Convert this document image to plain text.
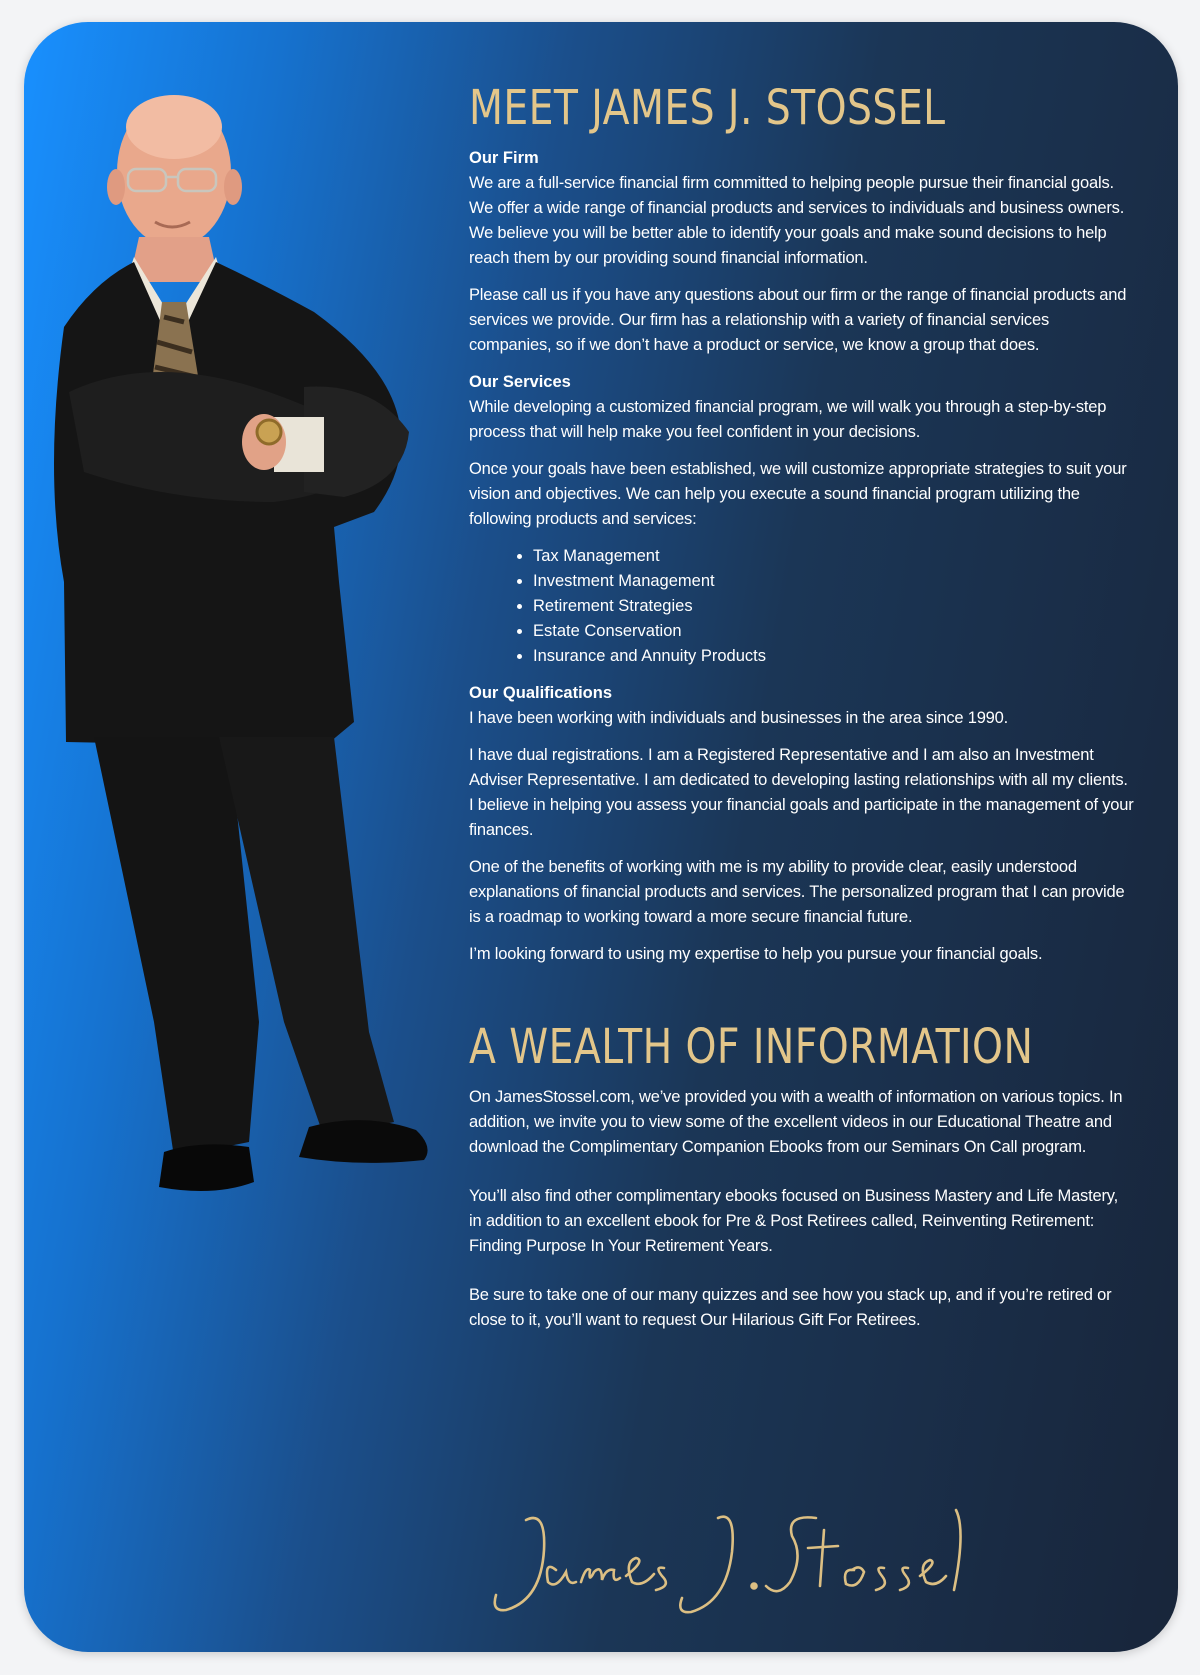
MEET JAMES J. STOSSEL
Our Firm

We are a full-service financial firm committed to helping people pursue their financial goals. We offer a wide range of financial products and services to individuals and business owners. We believe you will be better able to identify your goals and make sound decisions to help reach them by our providing sound financial information.

Please call us if you have any questions about our firm or the range of financial products and services we provide. Our firm has a relationship with a variety of financial services companies, so if we don’t have a product or service, we know a group that does.

Our Services

While developing a customized financial program, we will walk you through a step-by-step process that will help make you feel confident in your decisions.

Once your goals have been established, we will customize appropriate strategies to suit your vision and objectives. We can help you execute a sound financial program utilizing the following products and services:

• Tax Management
• Investment Management
• Retirement Strategies
• Estate Conservation
• Insurance and Annuity Products
Our Qualifications

I have been working with individuals and businesses in the area since 1990.

I have dual registrations. I am a Registered Representative and I am also an Investment Adviser Representative. I am dedicated to developing lasting relationships with all my clients. I believe in helping you assess your financial goals and participate in the management of your finances.

One of the benefits of working with me is my ability to provide clear, easily understood explanations of financial products and services. The personalized program that I can provide is a roadmap to working toward a more secure financial future.

I’m looking forward to using my expertise to help you pursue your financial goals.

A WEALTH OF INFORMATION

On JamesStossel.com, we’ve provided you with a wealth of information on various topics. In addition, we invite you to view some of the excellent videos in our Educational Theatre and download the Complimentary Companion Ebooks from our Seminars On Call program.

You’ll also find other complimentary ebooks focused on Business Mastery and Life Mastery, in addition to an excellent ebook for Pre & Post Retirees called, Reinventing Retirement: Finding Purpose In Your Retirement Years.

Be sure to take one of our many quizzes and see how you stack up, and if you’re retired or close to it, you’ll want to request Our Hilarious Gift For Retirees.
